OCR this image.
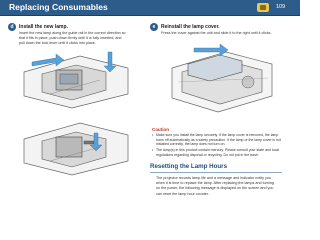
Replacing Consumables	109
d	Install the new lamp.
Insert the new lamp along the guide rail in the correct direction so
that it fits in place, push down firmly until it is fully inserted, and
pull down the lock lever until it clicks into place.
e	Reinstall the lamp cover.
Press the cover against the unit and slide it to the right until it clicks.
Caution
• Make sure you install the lamp securely. If the lamp cover is removed, the lamp
turns off automatically as a safety precaution. If the lamp or the lamp cover is not
installed correctly, the lamp does not turn on.
• The lamp(s) in this product contain mercury. Please consult your state and local
regulations regarding disposal or recycling. Do not put in the trash.
Resetting the Lamp Hours
The projector records lamp life and a message and indicator notify you
when it is time to replace the lamp. After replacing the lamps and turning
on the power, the following message is displayed on the screen and you
can reset the lamp hour counter.
